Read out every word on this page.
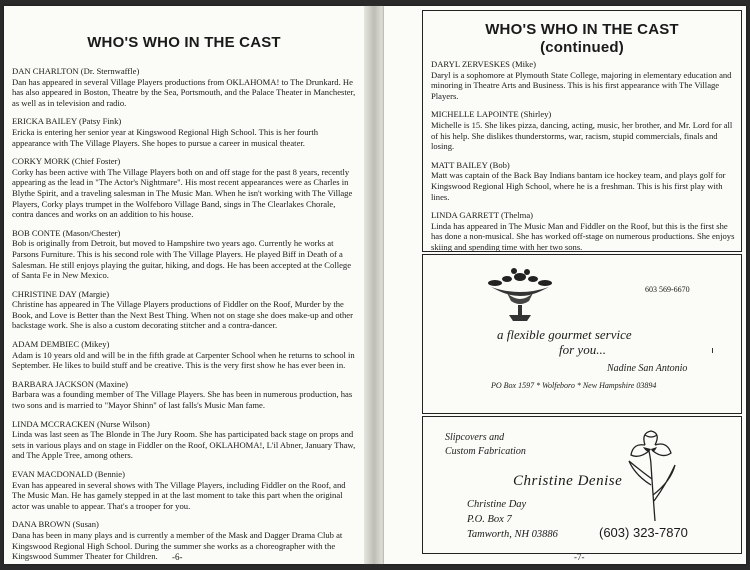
WHO'S WHO IN THE CAST
DAN CHARLTON (Dr. Sternwaffle)
Dan has appeared in several Village Players productions from OKLAHOMA! to The Drunkard. He has also appeared in Boston, Theatre by the Sea, Portsmouth, and the Palace Theater in Manchester, as well as in television and radio.
ERICKA BAILEY (Patsy Fink)
Ericka is entering her senior year at Kingswood Regional High School. This is her fourth appearance with The Village Players. She hopes to pursue a career in musical theater.
CORKY MORK (Chief Foster)
Corky has been active with The Village Players both on and off stage for the past 8 years, recently appearing as the lead in "The Actor's Nightmare". His most recent appearances were as Charles in Blythe Spirit, and a traveling salesman in The Music Man. When he isn't working with The Village Players, Corky plays trumpet in the Wolfeboro Village Band, sings in The Clearlakes Chorale, contra dances and works on an addition to his house.
BOB CONTE (Mason/Chester)
Bob is originally from Detroit, but moved to Hampshire two years ago. Currently he works at Parsons Furniture. This is his second role with The Village Players. He played Biff in Death of a Salesman. He still enjoys playing the guitar, hiking, and dogs. He has been accepted at the College of Santa Fe in New Mexico.
CHRISTINE DAY (Margie)
Christine has appeared in The Village Players productions of Fiddler on the Roof, Murder by the Book, and Love is Better than the Next Best Thing. When not on stage she does make-up and other backstage work. She is also a custom decorating stitcher and a contra-dancer.
ADAM DEMBIEC (Mikey)
Adam is 10 years old and will be in the fifth grade at Carpenter School when he returns to school in September. He likes to build stuff and be creative. This is the very first show he has ever been in.
BARBARA JACKSON (Maxine)
Barbara was a founding member of The Village Players. She has been in numerous production, has two sons and is married to "Mayor Shinn" of last falls's Music Man fame.
LINDA MCCRACKEN (Nurse Wilson)
Linda was last seen as The Blonde in The Jury Room. She has participated back stage on props and sets in various plays and on stage in Fiddler on the Roof, OKLAHOMA!, L'il Abner, January Thaw, and The Apple Tree, among others.
EVAN MACDONALD (Bennie)
Evan has appeared in several shows with The Village Players, including Fiddler on the Roof, and The Music Man. He has gamely stepped in at the last moment to take this part when the original actor was unable to appear. That's a trooper for you.
DANA BROWN (Susan)
Dana has been in many plays and is currently a member of the Mask and Dagger Drama Club at Kingswood Regional High School. During the summer she works as a choreographer with the Kingswood Summer Theater for Children.	-6-
WHO'S WHO IN THE CAST
(continued)
DARYL ZERVESKES (Mike)
Daryl is a sophomore at Plymouth State College, majoring in elementary education and minoring in Theatre Arts and Business. This is his first appearance with The Village Players.
MICHELLE LAPOINTE (Shirley)
Michelle is 15. She likes pizza, dancing, acting, music, her brother, and Mr. Lord for all of his help. She dislikes thunderstorms, war, racism, stupid commercials, finals and losing.
MATT BAILEY (Bob)
Matt was captain of the Back Bay Indians bantam ice hockey team, and plays golf for Kingswood Regional High School, where he is a freshman. This is his first play with lines.
LINDA GARRETT (Thelma)
Linda has appeared in The Music Man and Fiddler on the Roof, but this is the first she has done a non-musical. She has worked off-stage on numerous productions. She enjoys skiing and spending time with her two sons.
603 569-6670
a flexible gourmet service
for you...
Nadine San Antonio
PO Box 1597 * Wolfeboro * New Hampshire 03894
Slipcovers and
Custom Fabrication
Christine Denise
Christine Day
P.O. Box 7
Tamworth, NH 03886	(603) 323-7870
-7-
